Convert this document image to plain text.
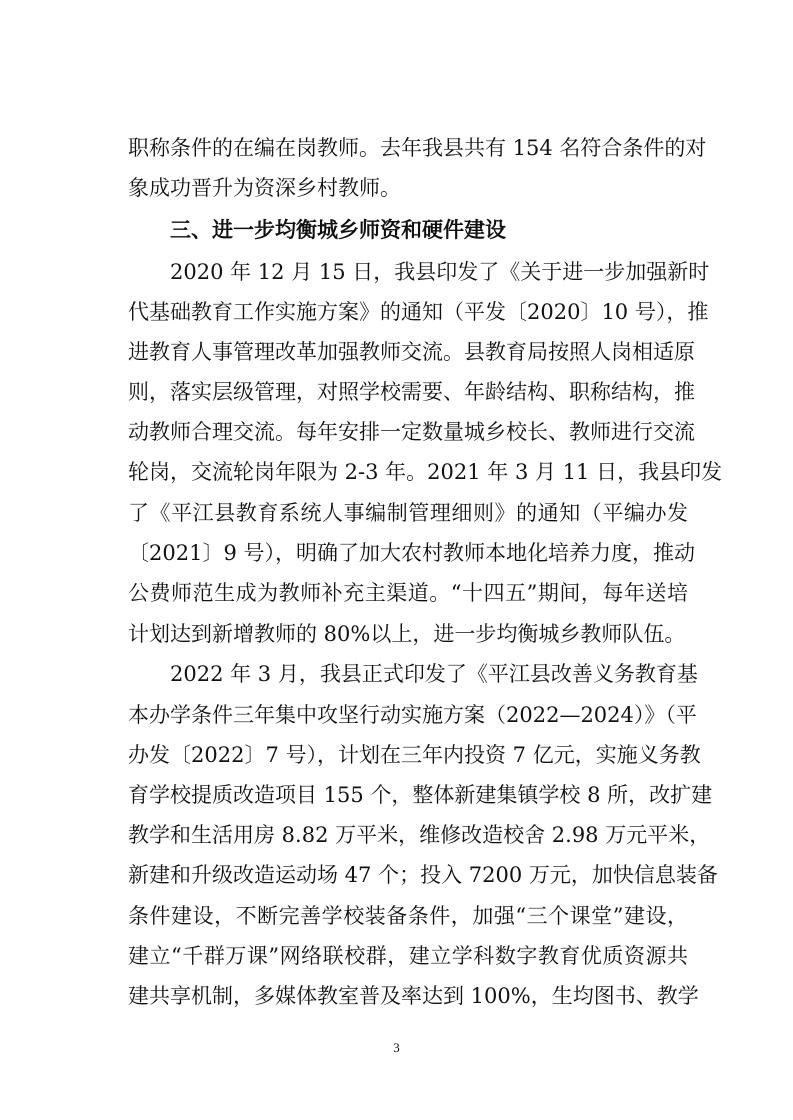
职称条件的在编在岗教师。去年我县共有 154 名符合条件的对
象成功晋升为资深乡村教师。
三、进一步均衡城乡师资和硬件建设
2020 年 12 月 15 日，我县印发了《关于进一步加强新时
代基础教育工作实施方案》的通知（平发〔2020〕10 号），推
进教育人事管理改革加强教师交流。县教育局按照人岗相适原
则，落实层级管理，对照学校需要、年龄结构、职称结构，推
动教师合理交流。每年安排一定数量城乡校长、教师进行交流
轮岗，交流轮岗年限为 2-3 年。2021 年 3 月 11 日，我县印发
了《平江县教育系统人事编制管理细则》的通知（平编办发
〔2021〕9 号），明确了加大农村教师本地化培养力度，推动
公费师范生成为教师补充主渠道。“十四五”期间，每年送培
计划达到新增教师的 80%以上，进一步均衡城乡教师队伍。
2022 年 3 月，我县正式印发了《平江县改善义务教育基
本办学条件三年集中攻坚行动实施方案（2022—2024）》（平
办发〔2022〕7 号），计划在三年内投资 7 亿元，实施义务教
育学校提质改造项目 155 个，整体新建集镇学校 8 所，改扩建
教学和生活用房 8.82 万平米，维修改造校舍 2.98 万元平米，
新建和升级改造运动场 47 个；投入 7200 万元，加快信息装备
条件建设，不断完善学校装备条件，加强“三个课堂”建设，
建立“千群万课”网络联校群，建立学科数字教育优质资源共
建共享机制，多媒体教室普及率达到 100%，生均图书、教学
3
